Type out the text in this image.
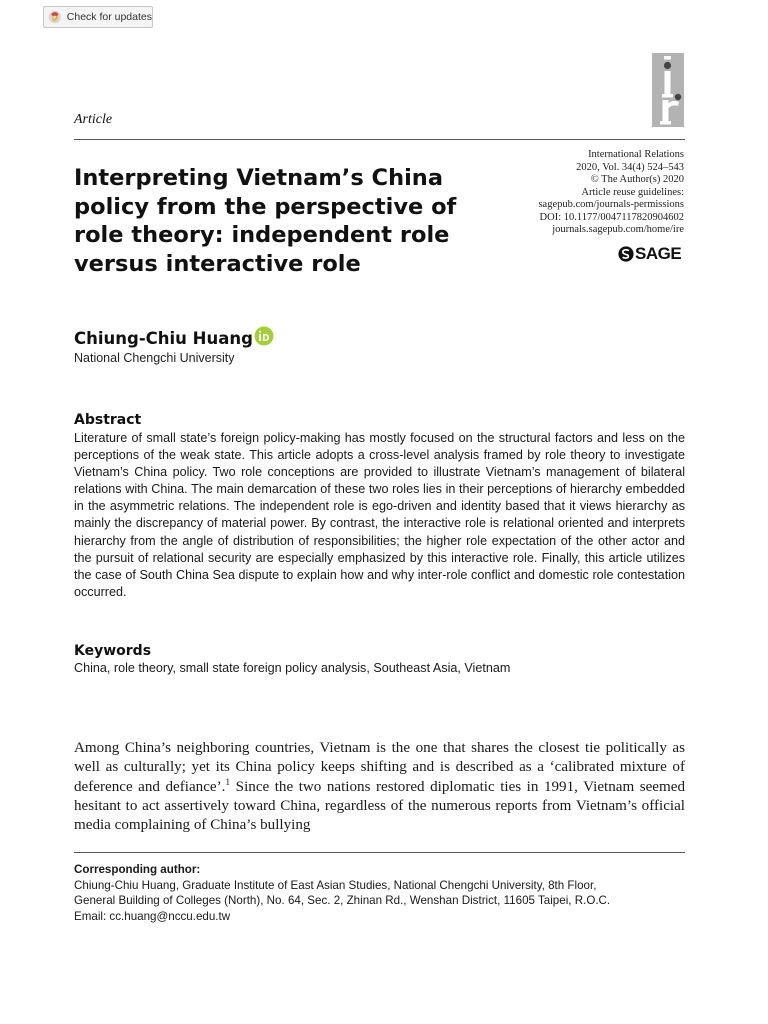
Check for updates
Article
Interpreting Vietnam’s China policy from the perspective of role theory: independent role versus interactive role
International Relations
2020, Vol. 34(4) 524–543
© The Author(s) 2020
Article reuse guidelines:
sagepub.com/journals-permissions
DOI: 10.1177/0047117820904602
journals.sagepub.com/home/ire
SAGE
Chiung-Chiu Huang
National Chengchi University
Abstract

Literature of small state’s foreign policy-making has mostly focused on the structural factors and less on the perceptions of the weak state. This article adopts a cross-level analysis framed by role theory to investigate Vietnam’s China policy. Two role conceptions are provided to illustrate Vietnam’s management of bilateral relations with China. The main demarcation of these two roles lies in their perceptions of hierarchy embedded in the asymmetric relations. The independent role is ego-driven and identity based that it views hierarchy as mainly the discrepancy of material power. By contrast, the interactive role is relational oriented and interprets hierarchy from the angle of distribution of responsibilities; the higher role expectation of the other actor and the pursuit of relational security are especially emphasized by this interactive role. Finally, this article utilizes the case of South China Sea dispute to explain how and why inter-role conflict and domestic role contestation occurred.

Keywords
China, role theory, small state foreign policy analysis, Southeast Asia, Vietnam

Among China’s neighboring countries, Vietnam is the one that shares the closest tie politically as well as culturally; yet its China policy keeps shifting and is described as a ‘calibrated mixture of deference and defiance’.$^1$ Since the two nations restored diplomatic ties in 1991, Vietnam seemed hesitant to act assertively toward China, regardless of the numerous reports from Vietnam’s official media complaining of China’s bullying

Corresponding author:
Chiung-Chiu Huang, Graduate Institute of East Asian Studies, National Chengchi University, 8th Floor,
General Building of Colleges (North), No. 64, Sec. 2, Zhinan Rd., Wenshan District, 11605 Taipei, R.O.C.
Email: cc.huang@nccu.edu.tw
